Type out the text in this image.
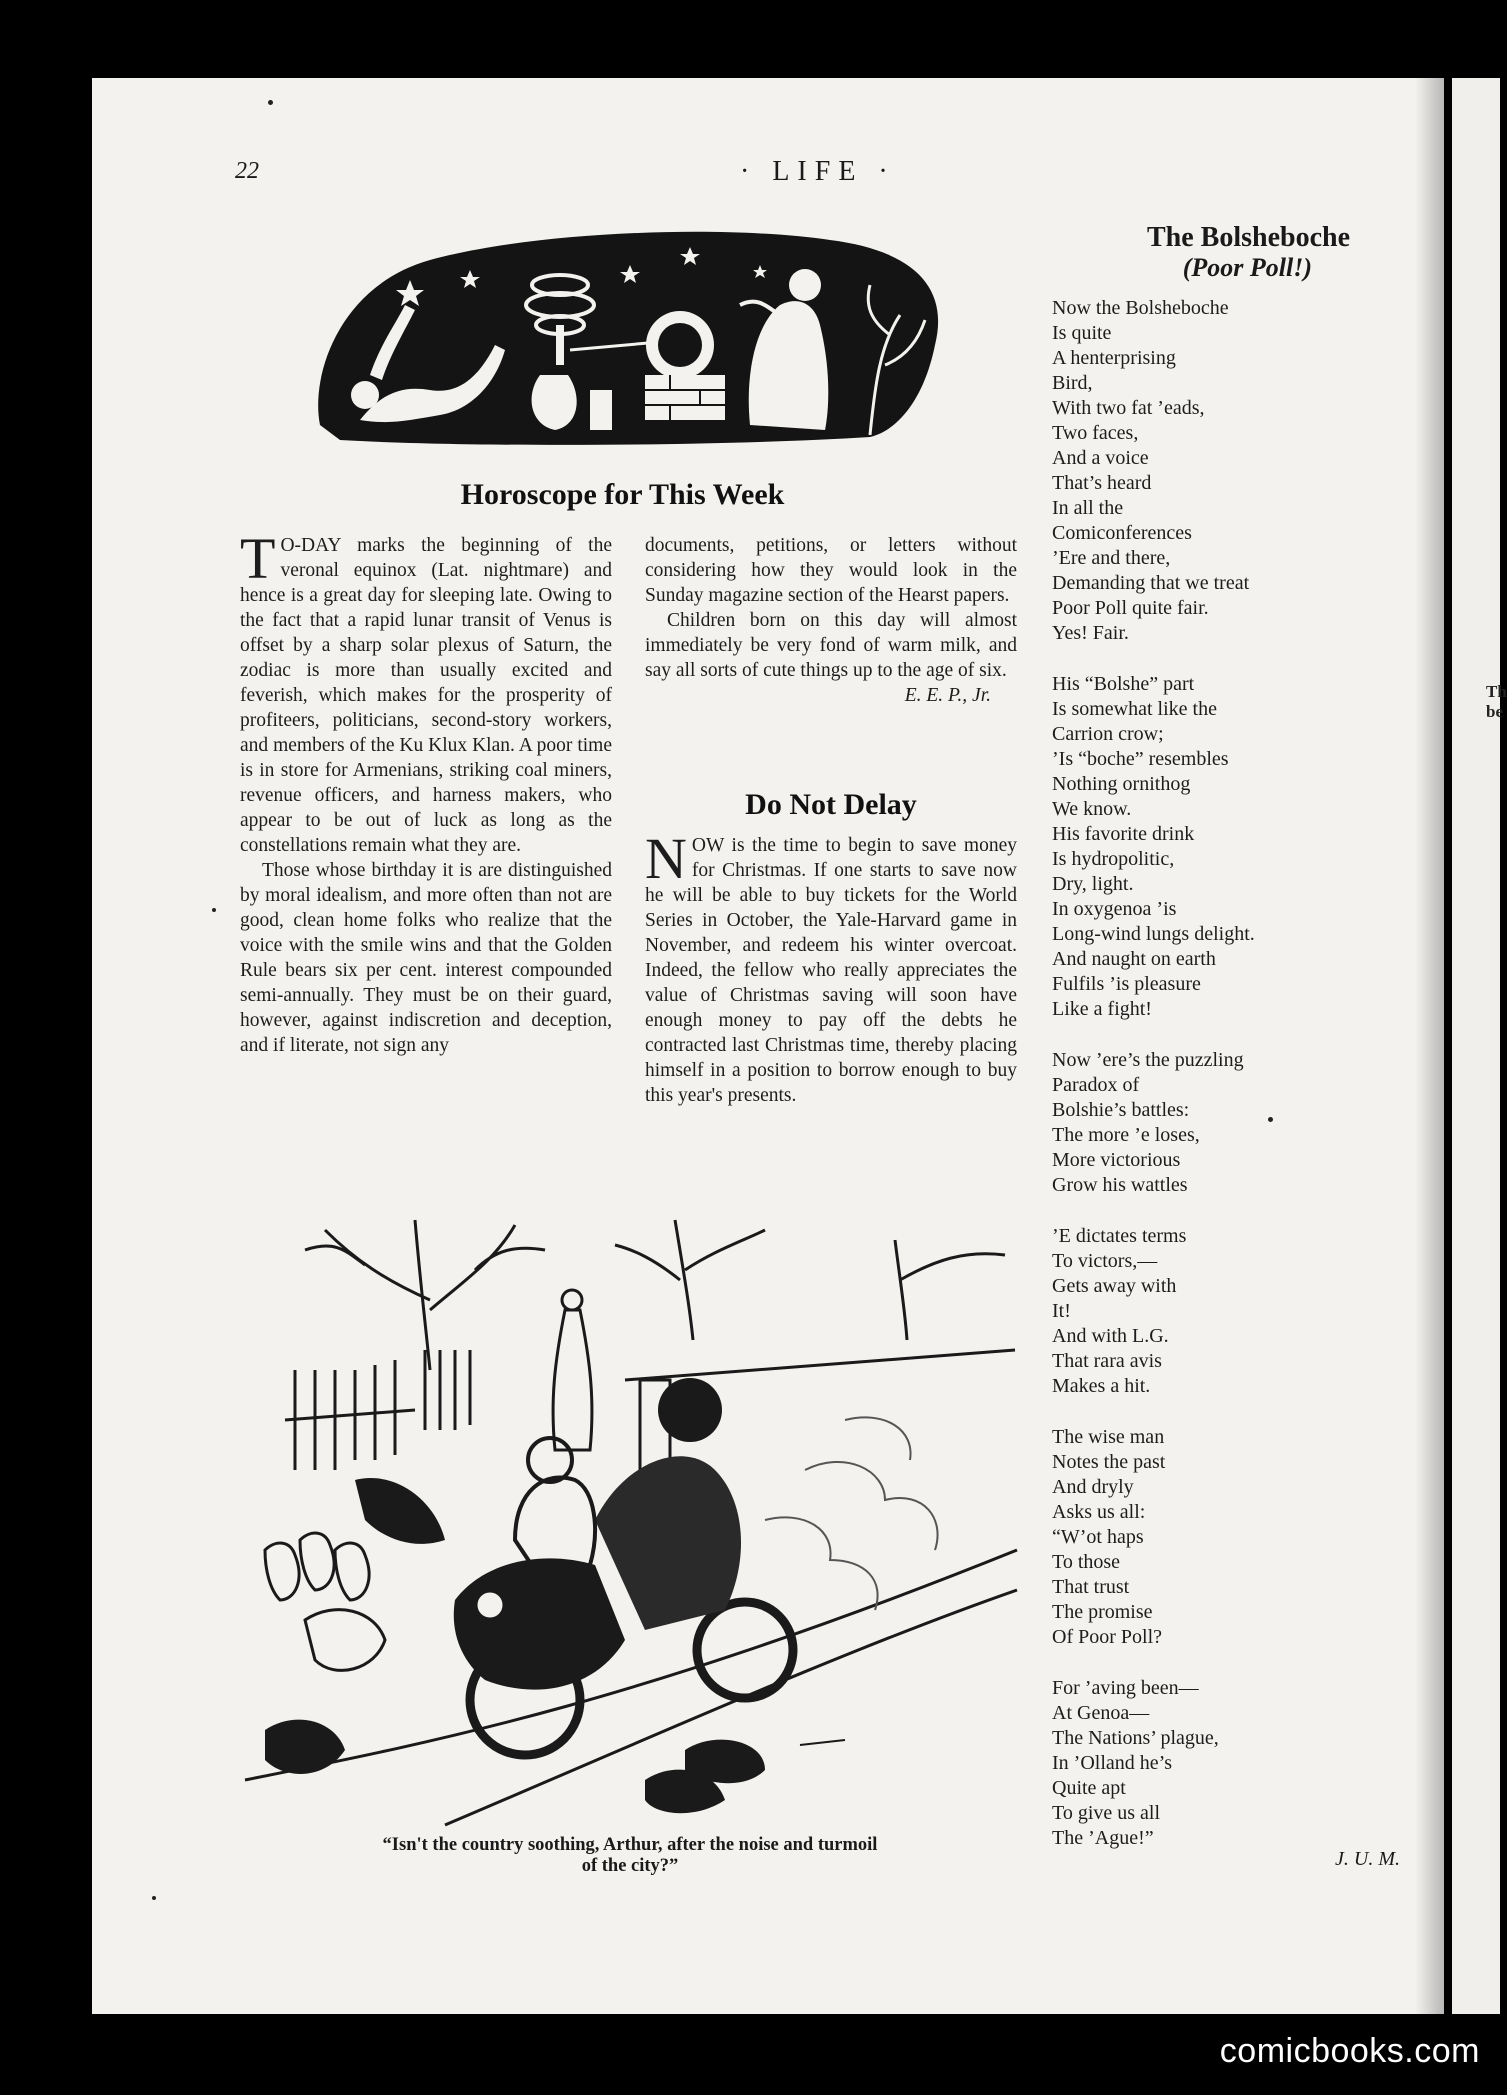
Th
be
22	· LIFE ·
Horoscope for This Week

T O-DAY marks the beginning of the veronal equinox (Lat. nightmare) and hence is a great day for sleeping late. Owing to the fact that a rapid lunar transit of Venus is offset by a sharp solar plexus of Saturn, the zodiac is more than usually excited and feverish, which makes for the prosperity of profiteers, politicians, second-story workers, and members of the Ku Klux Klan. A poor time is in store for Armenians, striking coal miners, revenue officers, and harness makers, who appear to be out of luck as long as the constellations remain what they are.

Those whose birthday it is are distinguished by moral idealism, and more often than not are good, clean home folks who realize that the voice with the smile wins and that the Golden Rule bears six per cent. interest compounded semi-annually. They must be on their guard, however, against indiscretion and deception, and if literate, not sign any

documents, petitions, or letters without considering how they would look in the Sunday magazine section of the Hearst papers.

Children born on this day will almost immediately be very fond of warm milk, and say all sorts of cute things up to the age of six.

E. E. P., Jr.
Do Not Delay

NOW is the time to begin to save money for Christmas. If one starts to save now he will be able to buy tickets for the World Series in October, the Yale-Harvard game in November, and redeem his winter overcoat. Indeed, the fellow who really appreciates the value of Christmas saving will soon have enough money to pay off the debts he contracted last Christmas time, thereby placing himself in a position to borrow enough to buy this year's presents.

“Isn't the country soothing, Arthur, after the noise and turmoil
of the city?”
The Bolsheboche
(Poor Poll!)
Now the Bolsheboche
Is quite
A henterprising
Bird,
With two fat ’eads,
Two faces,
And a voice
That’s heard
In all the
Comiconferences
’Ere and there,
Demanding that we treat
Poor Poll quite fair.
Yes! Fair.
His “Bolshe” part
Is somewhat like the
Carrion crow;
’Is “boche” resembles
Nothing ornithog
We know.
His favorite drink
Is hydropolitic,
Dry, light.
In oxygenoa ’is
Long-wind lungs delight.
And naught on earth
Fulfils ’is pleasure
Like a fight!
Now ’ere’s the puzzling
Paradox of
Bolshie’s battles:
The more ’e loses,
More victorious
Grow his wattles
’E dictates terms
To victors,—
Gets away with
It!
And with L.G.
That rara avis
Makes a hit.
The wise man
Notes the past
And dryly
Asks us all:
“W’ot haps
To those
That trust
The promise
Of Poor Poll?
For ’aving been—
At Genoa—
The Nations’ plague,
In ’Olland he’s
Quite apt
To give us all
The ’Ague!”
J. U. M.
comicbooks.com
